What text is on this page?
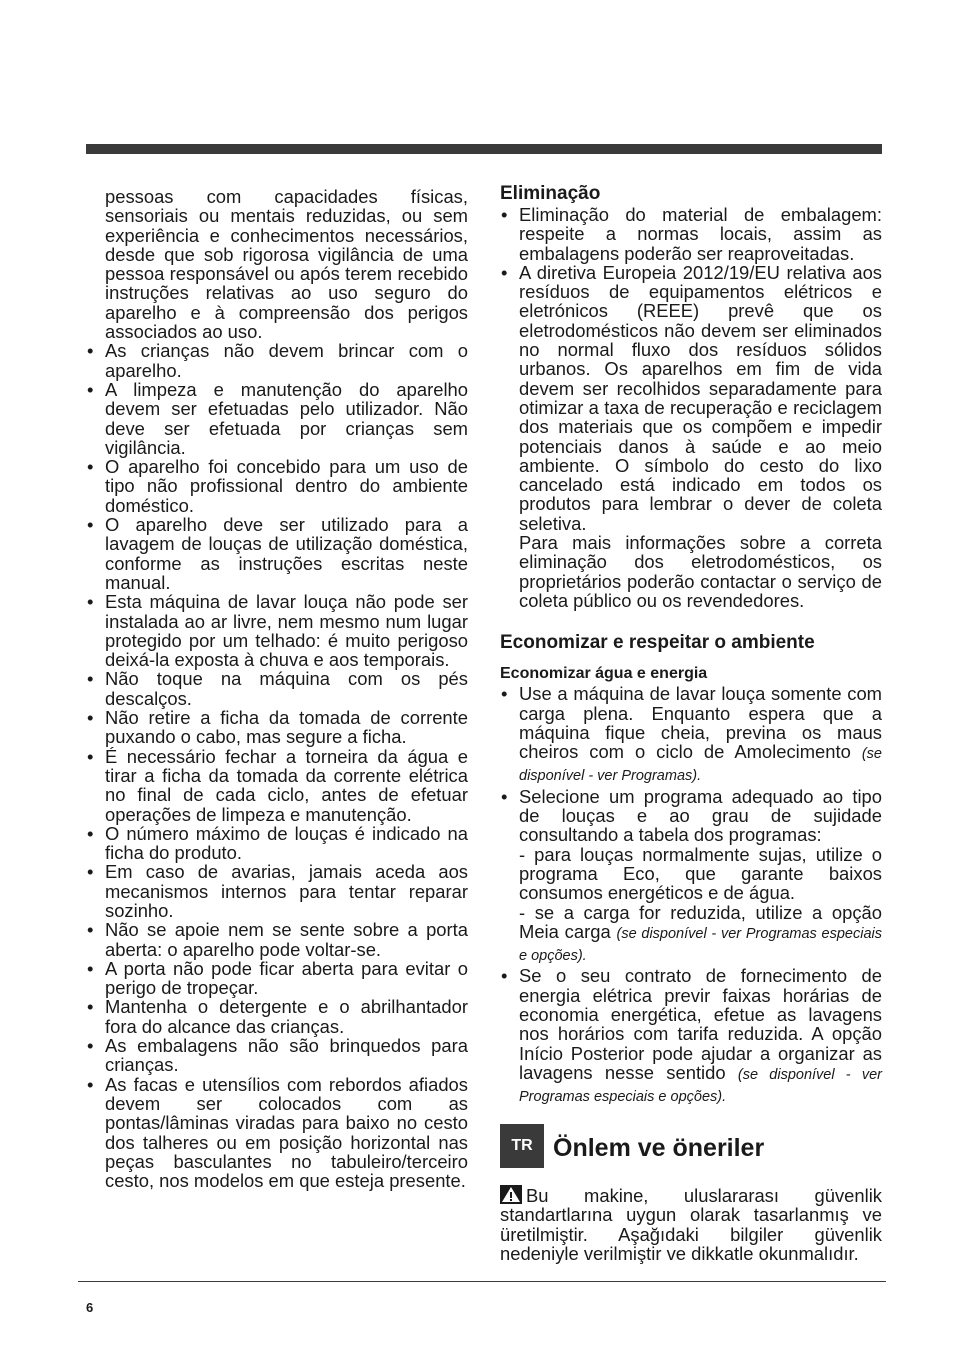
pessoas com capacidades físicas, sensoriais ou mentais reduzidas, ou sem experiência e conhecimentos necessários, desde que sob rigorosa vigilância de uma pessoa responsável ou após terem recebido instruções relativas ao uso seguro do aparelho e à compreensão dos perigos associados ao uso.

• As crianças não devem brincar com o aparelho.
• A limpeza e manutenção do aparelho devem ser efetuadas pelo utilizador. Não deve ser efetuada por crianças sem vigilância.
• O aparelho foi concebido para um uso de tipo não profissional dentro do ambiente doméstico.
• O aparelho deve ser utilizado para a lavagem de louças de utilização doméstica, conforme as instruções escritas neste manual.
• Esta máquina de lavar louça não pode ser instalada ao ar livre, nem mesmo num lugar protegido por um telhado: é muito perigoso deixá-la exposta à chuva e aos temporais.
• Não toque na máquina com os pés descalços.
• Não retire a ficha da tomada de corrente puxando o cabo, mas segure a ficha.
• É necessário fechar a torneira da água e tirar a ficha da tomada da corrente elétrica no final de cada ciclo, antes de efetuar operações de limpeza e manutenção.
• O número máximo de louças é indicado na ficha do produto.
• Em caso de avarias, jamais aceda aos mecanismos internos para tentar reparar sozinho.
• Não se apoie nem se sente sobre a porta aberta: o aparelho pode voltar-se.
• A porta não pode ficar aberta para evitar o perigo de tropeçar.
• Mantenha o detergente e o abrilhantador fora do alcance das crianças.
• As embalagens não são brinquedos para crianças.
• As facas e utensílios com rebordos afiados devem ser colocados com as pontas/lâminas viradas para baixo no cesto dos talheres ou em posição horizontal nas peças basculantes no tabuleiro/terceiro cesto, nos modelos em que esteja presente.
Eliminação
• Eliminação do material de embalagem: respeite a normas locais, assim as embalagens poderão ser reaproveitadas.
• A diretiva Europeia 2012/19/EU relativa aos resíduos de equipamentos elétricos e eletrónicos (REEE) prevê que os eletrodomésticos não devem ser eliminados no normal fluxo dos resíduos sólidos urbanos. Os aparelhos em fim de vida devem ser recolhidos separadamente para otimizar a taxa de recuperação e reciclagem dos materiais que os compõem e impedir potenciais danos à saúde e ao meio ambiente. O símbolo do cesto do lixo cancelado está indicado em todos os produtos para lembrar o dever de coleta seletiva.
Para mais informações sobre a correta eliminação dos eletrodomésticos, os proprietários poderão contactar o serviço de coleta público ou os revendedores.
Economizar e respeitar o ambiente
Economizar água e energia
• Use a máquina de lavar louça somente com carga plena. Enquanto espera que a máquina fique cheia, previna os maus cheiros com o ciclo de Amolecimento (se disponível - ver Programas).
• Selecione um programa adequado ao tipo de louças e ao grau de sujidade consultando a tabela dos programas:
- para louças normalmente sujas, utilize o programa Eco, que garante baixos consumos energéticos e de água.
- se a carga for reduzida, utilize a opção Meia carga (se disponível - ver Programas especiais e opções).
• Se o seu contrato de fornecimento de energia elétrica previr faixas horárias de economia energética, efetue as lavagens nos horários com tarifa reduzida. A opção Início Posterior pode ajudar a organizar as lavagens nesse sentido (se disponível - ver Programas especiais e opções).
TR Önlem ve öneriler
Bu makine, uluslararası güvenlik standartlarına uygun olarak tasarlanmış ve üretilmiştir. Aşağıdaki bilgiler güvenlik nedeniyle verilmiştir ve dikkatle okunmalıdır.
6
